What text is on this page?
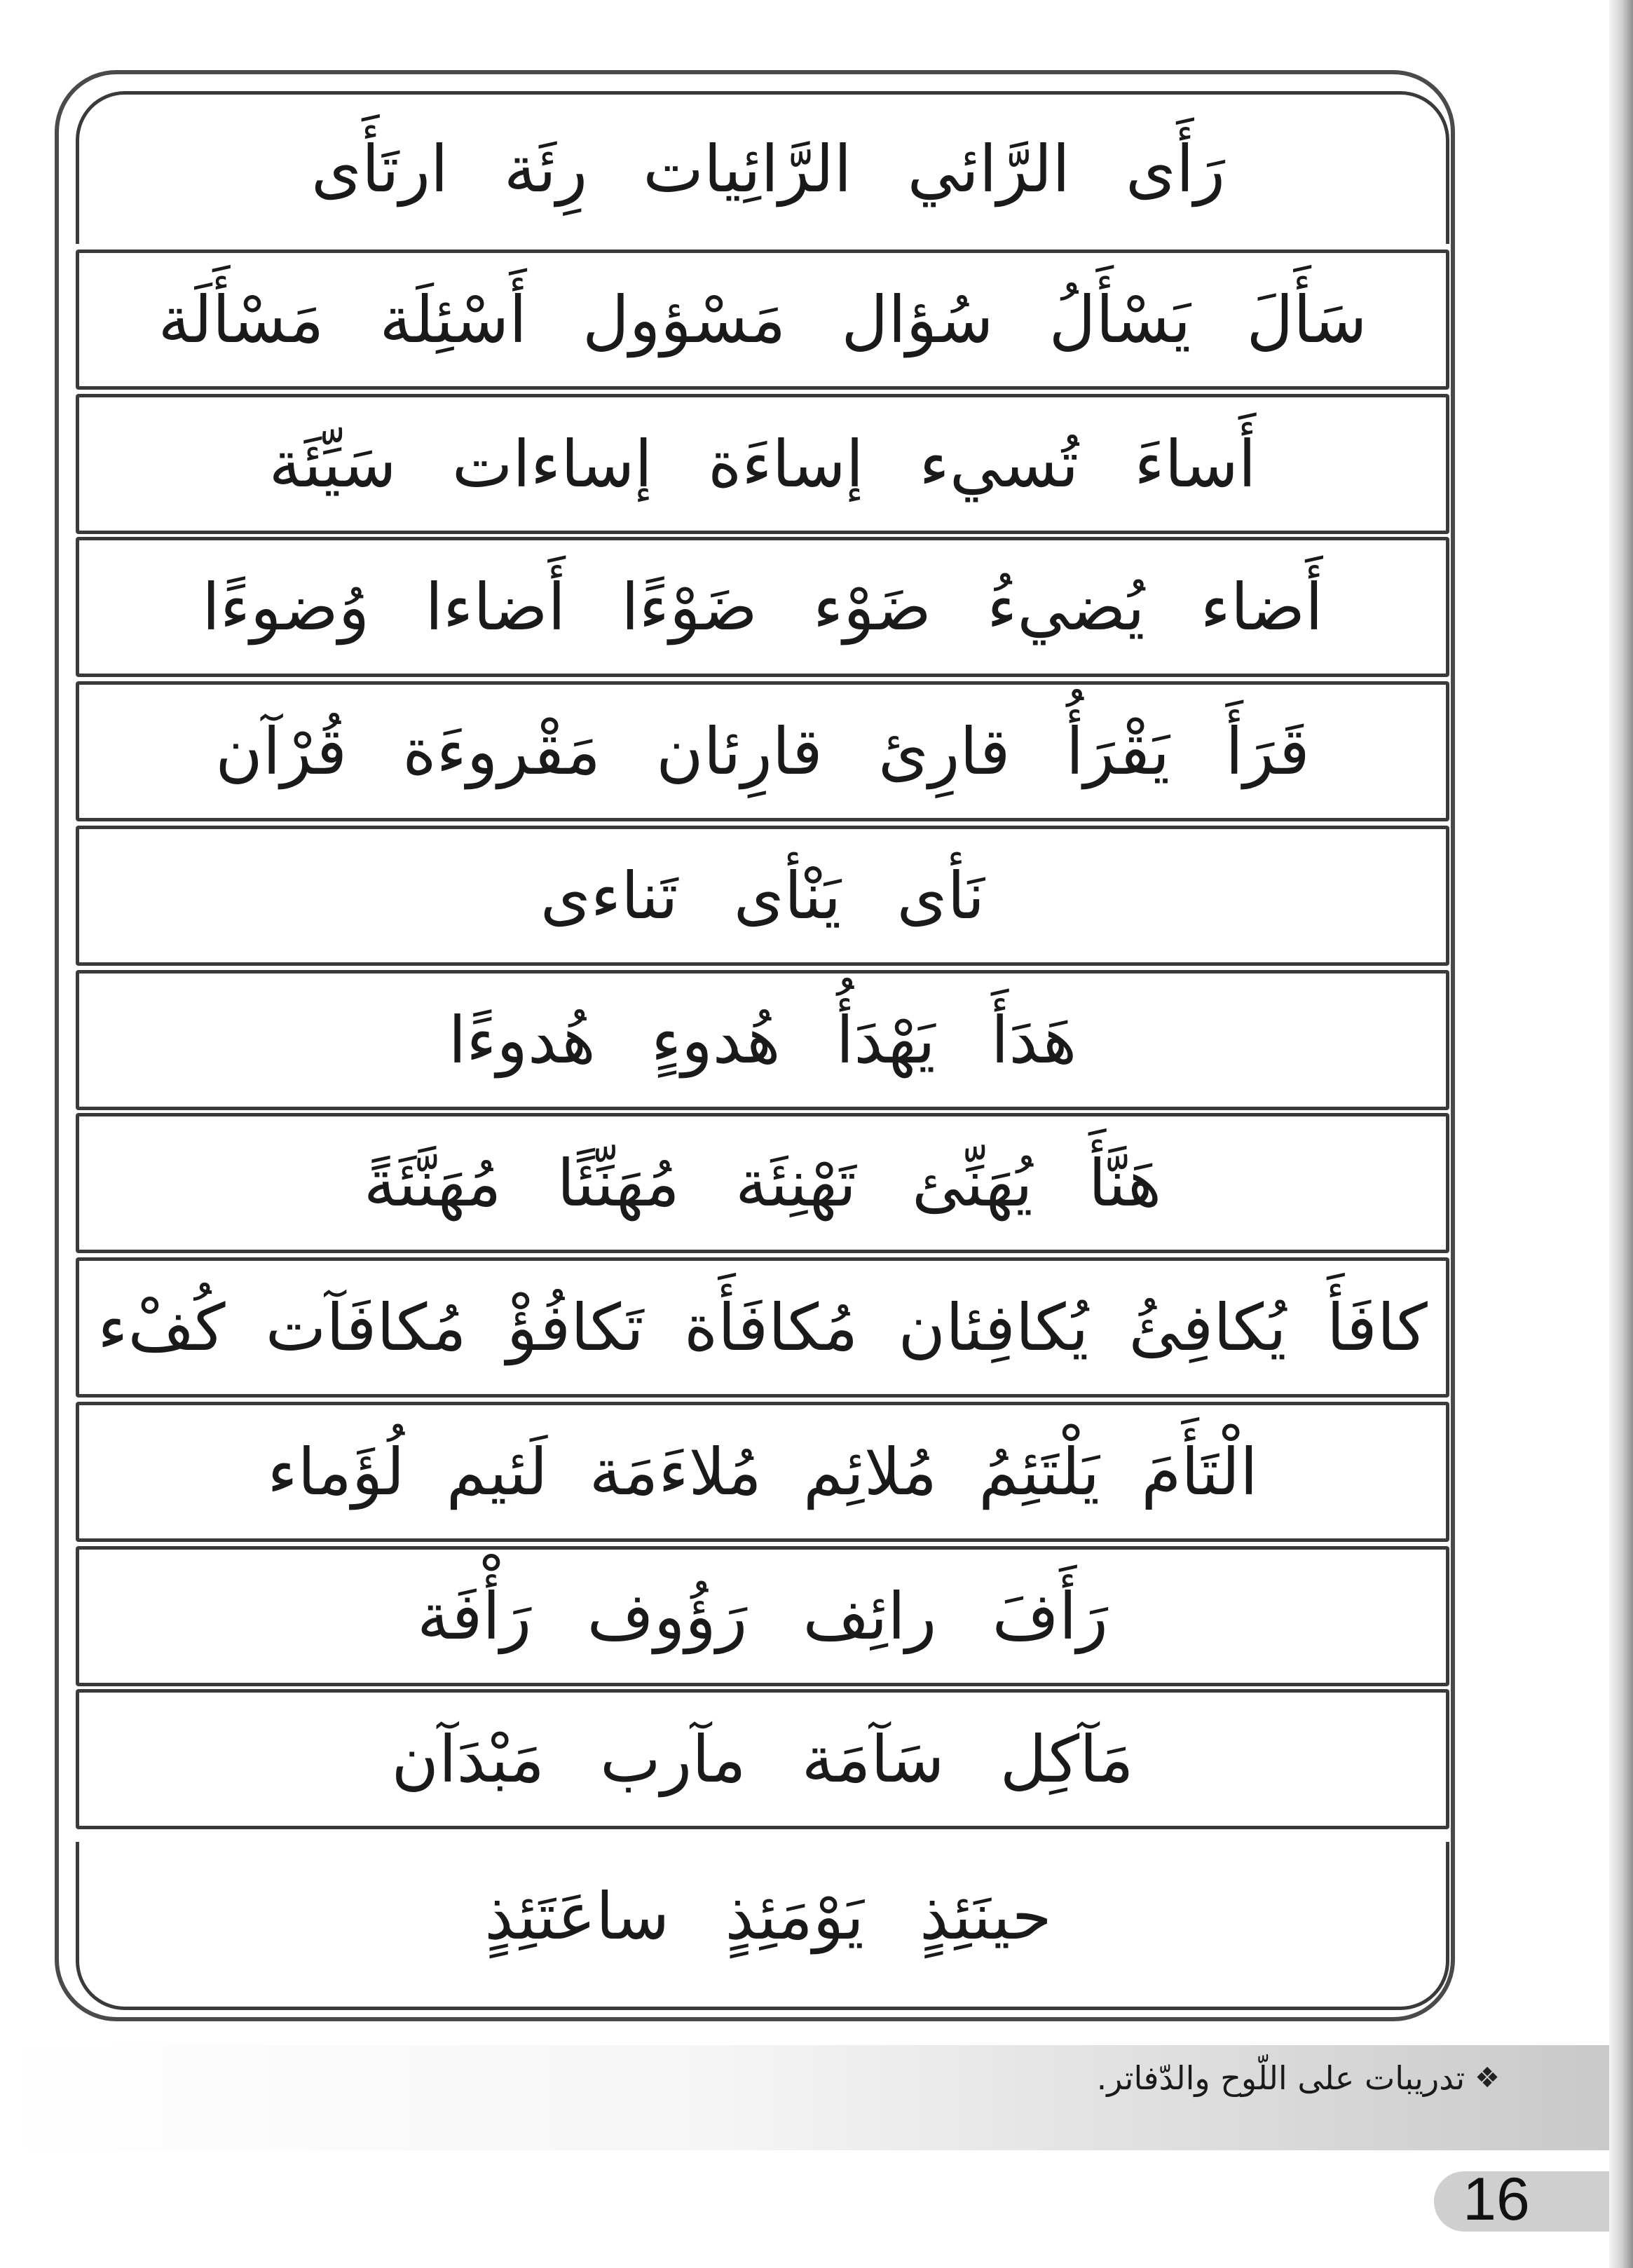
رَأَى الرَّائي الرَّائِيات رِئَة ارتَأَى
سَأَلَ يَسْأَلُ سُؤال مَسْؤول أَسْئِلَة مَسْأَلَة
أَساءَ تُسيء إساءَة إساءات سَيِّئَة
أَضاء يُضيءُ ضَوْء ضَوْءًا أَضاءا وُضوءًا
قَرَأَ يَقْرَأُ قارِئ قارِئان مَقْروءَة قُرْآن
نَأى يَنْأى تَناءى
هَدَأَ يَهْدَأُ هُدوءٍ هُدوءًا
هَنَّأَ يُهَنِّئ تَهْنِئَة مُهَنِّئًا مُهَنَّئَةً
كافَأَ يُكافِئُ يُكافِئان مُكافَأَة تَكافُؤْ مُكافَآت كُفْء
الْتَأَمَ يَلْتَئِمُ مُلائِم مُلاءَمَة لَئيم لُؤَماء
رَأَفَ رائِف رَؤُوف رَأْفَة
مَآكِل سَآمَة مآرب مَبْدَآن
حينَئِذٍ يَوْمَئِذٍ ساعَتَئِذٍ
❖
تدريبات على اللّوح والدّفاتر.
16
